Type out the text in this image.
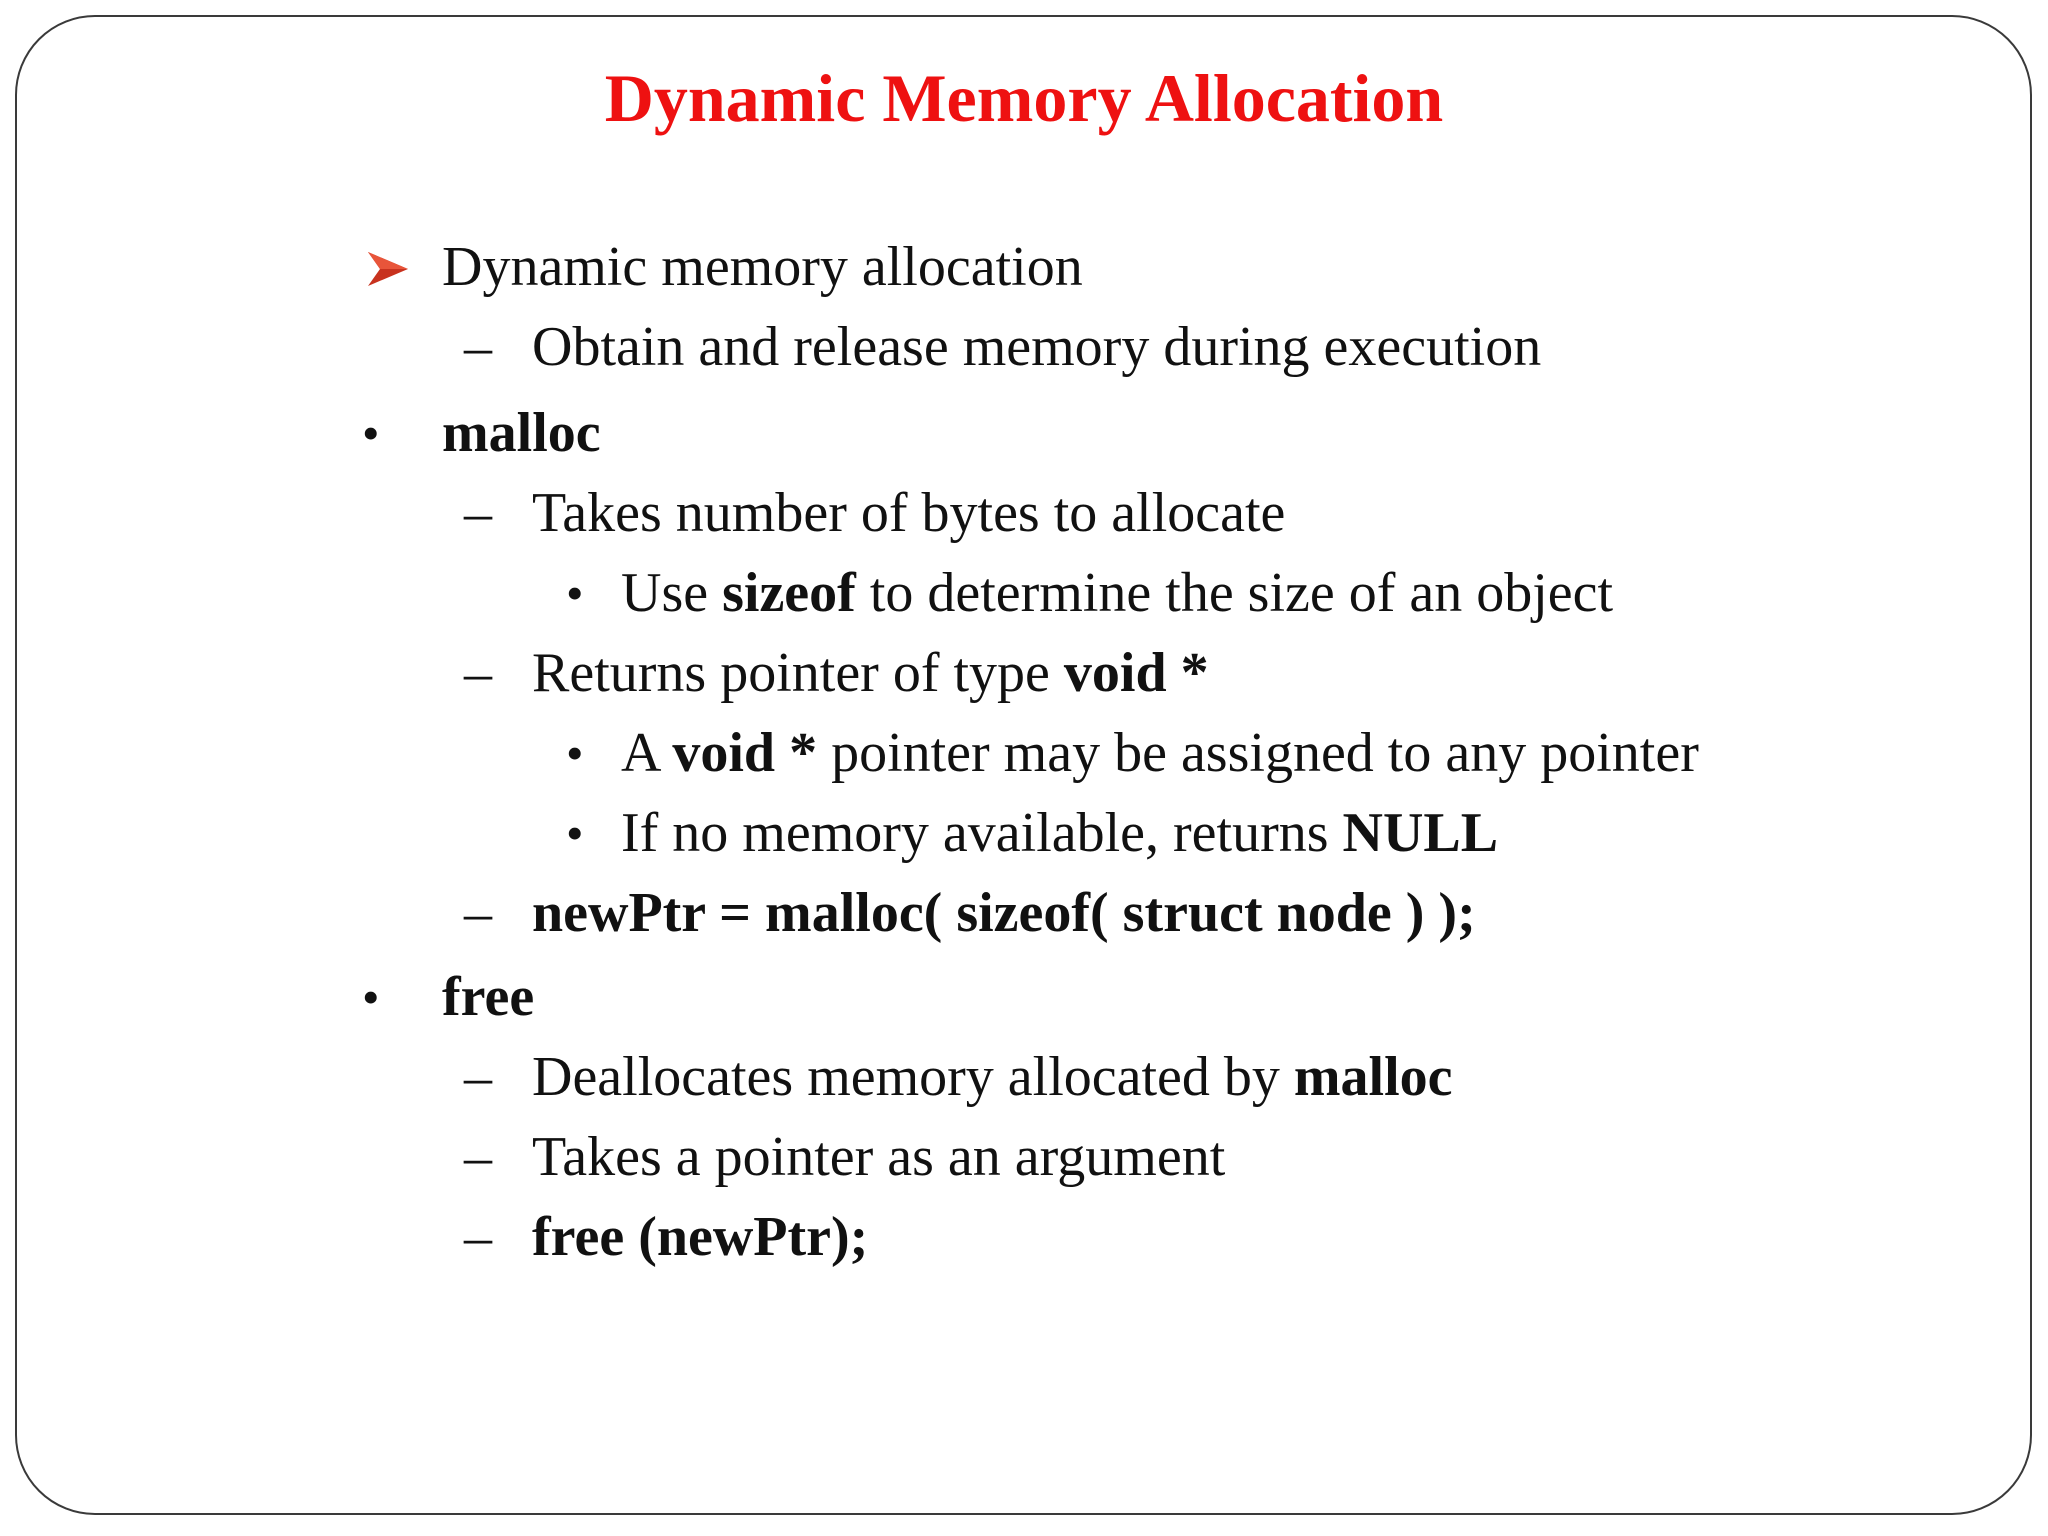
Dynamic Memory Allocation
Dynamic memory allocation
– Obtain and release memory during execution
• malloc
– Takes number of bytes to allocate
• Use sizeof to determine the size of an object
– Returns pointer of type void *
• A void * pointer may be assigned to any pointer
• If no memory available, returns NULL
– newPtr = malloc( sizeof( struct node ) );
• free
– Deallocates memory allocated by malloc
– Takes a pointer as an argument
– free (newPtr);
